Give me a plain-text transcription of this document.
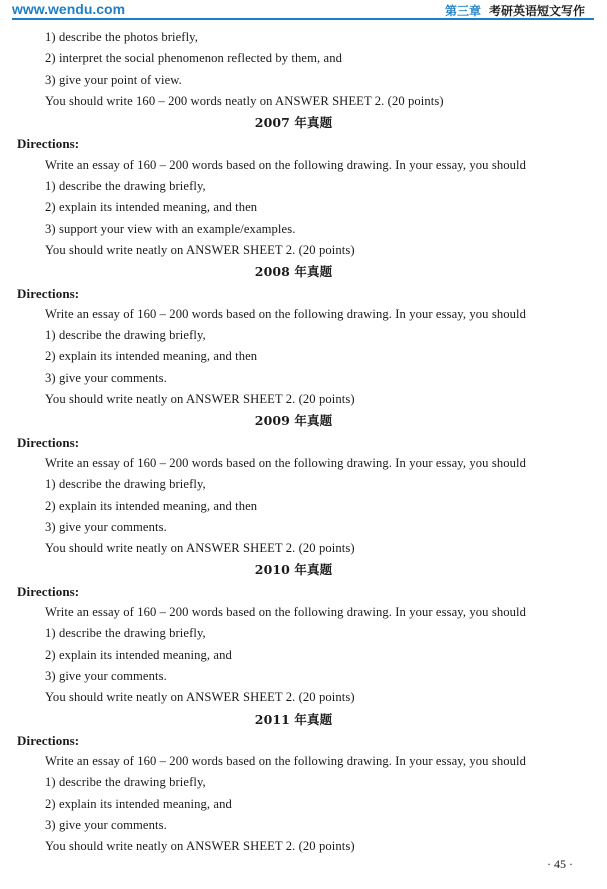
www.wendu.com	第三章 考研英语短文写作
1) describe the photos briefly,
2) interpret the social phenomenon reflected by them, and
3) give your point of view.
You should write 160 – 200 words neatly on ANSWER SHEET 2. (20 points)
2007 年真题
Directions:
Write an essay of 160 – 200 words based on the following drawing. In your essay, you should
1) describe the drawing briefly,
2) explain its intended meaning, and then
3) support your view with an example/examples.
You should write neatly on ANSWER SHEET 2. (20 points)
2008 年真题
Directions:
Write an essay of 160 – 200 words based on the following drawing. In your essay, you should
1) describe the drawing briefly,
2) explain its intended meaning, and then
3) give your comments.
You should write neatly on ANSWER SHEET 2. (20 points)
2009 年真题
Directions:
Write an essay of 160 – 200 words based on the following drawing. In your essay, you should
1) describe the drawing briefly,
2) explain its intended meaning, and then
3) give your comments.
You should write neatly on ANSWER SHEET 2. (20 points)
2010 年真题
Directions:
Write an essay of 160 – 200 words based on the following drawing. In your essay, you should
1) describe the drawing briefly,
2) explain its intended meaning, and
3) give your comments.
You should write neatly on ANSWER SHEET 2. (20 points)
2011 年真题
Directions:
Write an essay of 160 – 200 words based on the following drawing. In your essay, you should
1) describe the drawing briefly,
2) explain its intended meaning, and
3) give your comments.
You should write neatly on ANSWER SHEET 2. (20 points)
· 45 ·
